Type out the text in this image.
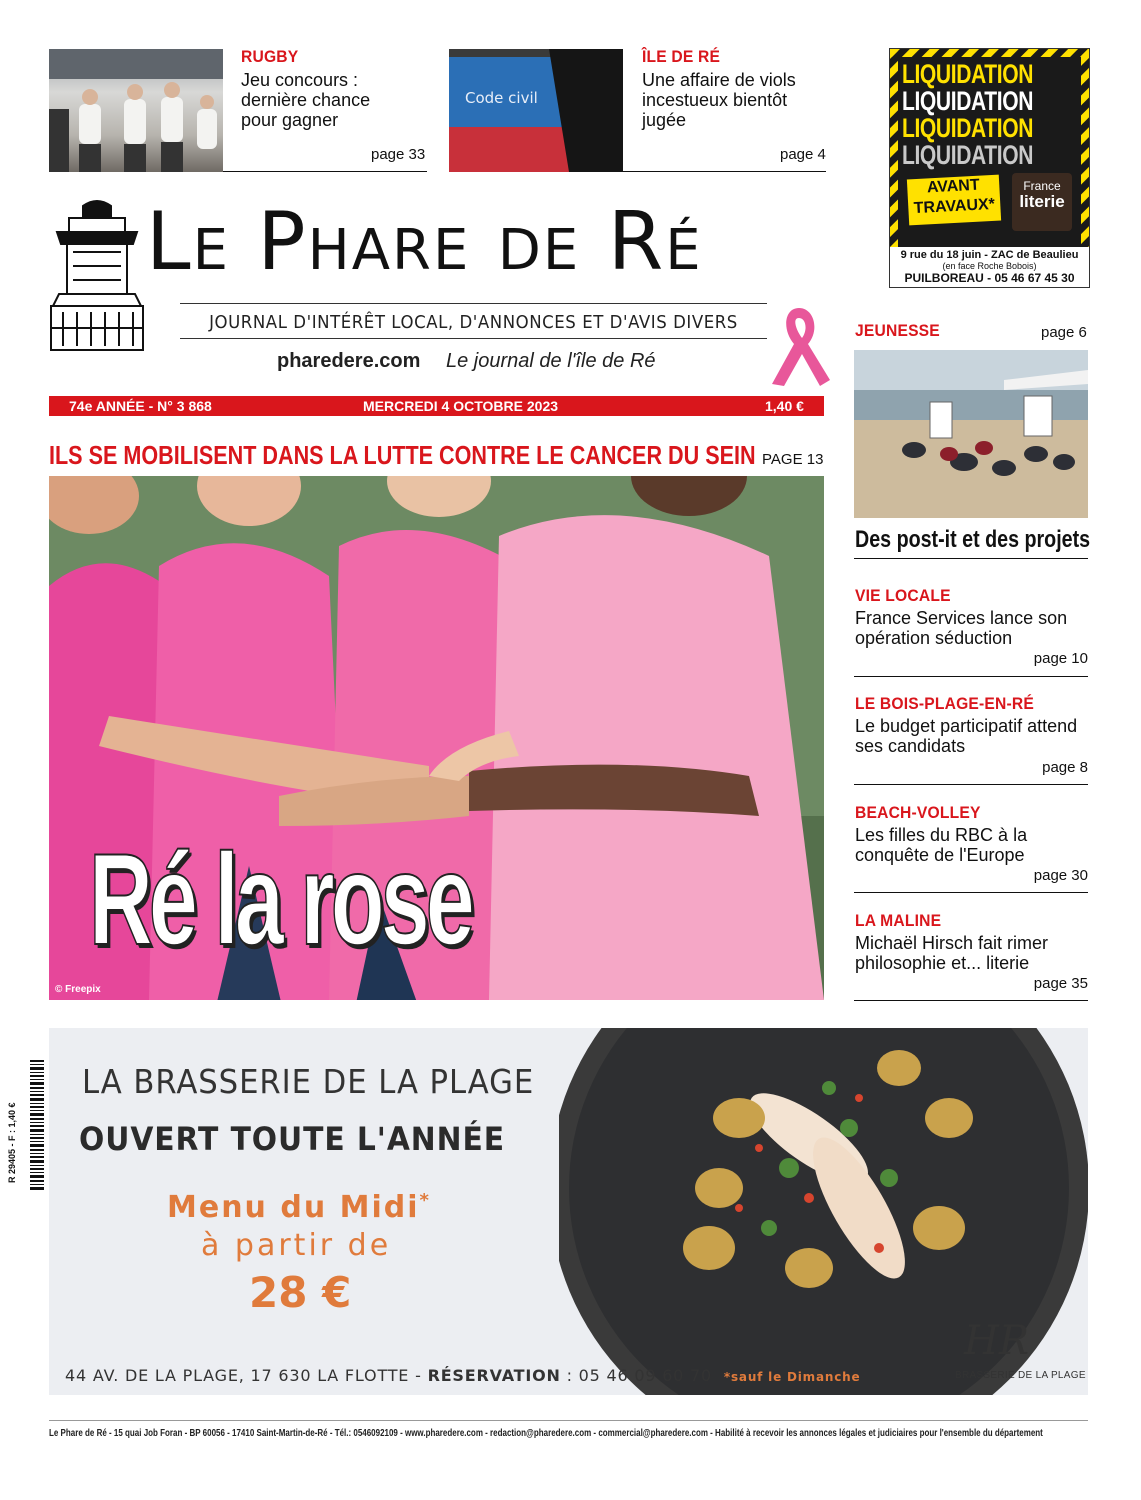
RUGBY
Jeu concours : dernière chance pour gagner
page 33
Code civil
ÎLE DE RÉ
Une affaire de viols incestueux bientôt jugée
page 4
LIQUIDATION
LIQUIDATION
LIQUIDATION
LIQUIDATION
AVANT
TRAVAUX*
France
literie
9 rue du 18 juin - ZAC de Beaulieu
(en face Roche Bobois)
PUILBOREAU - 05 46 67 45 30
Le Phare de Ré
JOURNAL D'INTÉRÊT LOCAL, D'ANNONCES ET D'AVIS DIVERS
pharedere.com Le journal de l'île de Ré
74e ANNÉE - N° 3 868	MERCREDI 4 OCTOBRE 2023	1,40 €
ILS SE MOBILISENT DANS LA LUTTE CONTRE LE CANCER DU SEIN PAGE 13
Ré la rose
© Freepix
JEUNESSE	page 6
Des post-it et des projets
VIE LOCALE
France Services lance son opération séduction
page 10
LE BOIS-PLAGE-EN-RÉ
Le budget participatif attend ses candidats
page 8
BEACH-VOLLEY
Les filles du RBC à la conquête de l'Europe
page 30
LA MALINE
Michaël Hirsch fait rimer philosophie et... literie
page 35
R 29405 - F : 1,40 €
LA BRASSERIE DE LA PLAGE
OUVERT TOUTE L'ANNÉE
Menu du Midi*
à partir de
28 €
44 AV. DE LA PLAGE, 17 630 LA FLOTTE - RÉSERVATION : 05 46 09 60 70 *sauf le Dimanche
HR
BRASSERIE DE LA PLAGE
Le Phare de Ré - 15 quai Job Foran - BP 60056 - 17410 Saint-Martin-de-Ré - Tél.: 0546092109 - www.pharedere.com - redaction@pharedere.com - commercial@pharedere.com - Habilité à recevoir les annonces légales et judiciaires pour l'ensemble du département
